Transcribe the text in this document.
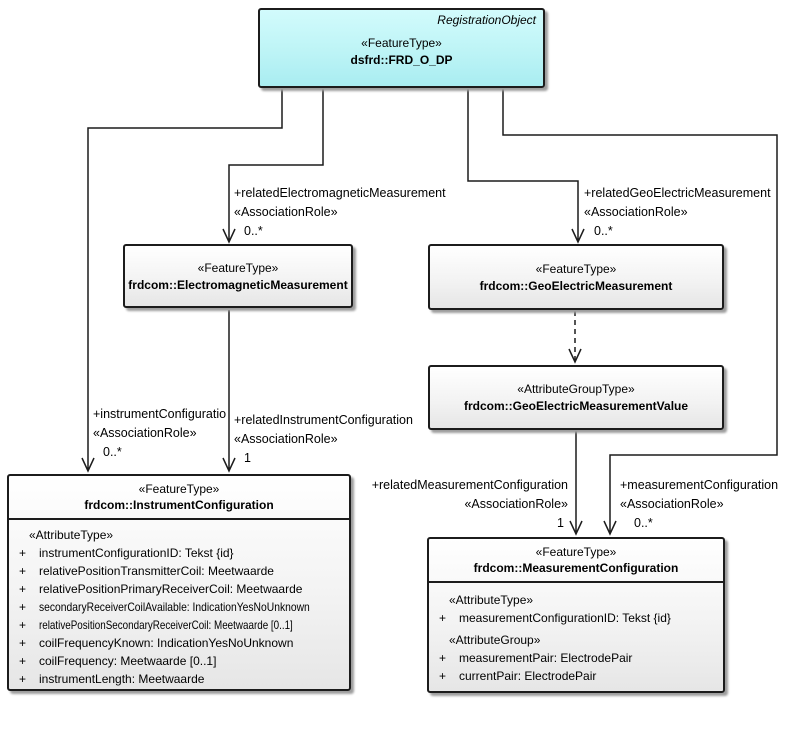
RegistrationObject
«FeatureType»
dsfrd::FRD_O_DP
«FeatureType»
frdcom::ElectromagneticMeasurement
«FeatureType»
frdcom::GeoElectricMeasurement
«AttributeGroupType»
frdcom::GeoElectricMeasurementValue
«FeatureType»
frdcom::InstrumentConfiguration
«AttributeType»
+	instrumentConfigurationID: Tekst {id}
+	relativePositionTransmitterCoil: Meetwaarde
+	relativePositionPrimaryReceiverCoil: Meetwaarde
+	secondaryReceiverCoilAvailable: IndicationYesNoUnknown
+	relativePositionSecondaryReceiverCoil: Meetwaarde [0..1]
+	coilFrequencyKnown: IndicationYesNoUnknown
+	coilFrequency: Meetwaarde [0..1]
+	instrumentLength: Meetwaarde
«FeatureType»
frdcom::MeasurementConfiguration
«AttributeType»
+	measurementConfigurationID: Tekst {id}
«AttributeGroup»
+	measurementPair: ElectrodePair
+	currentPair: ElectrodePair
+relatedElectromagneticMeasurement
«AssociationRole»
0..*
+relatedGeoElectricMeasurement
«AssociationRole»
0..*
+instrumentConfiguratio
«AssociationRole»
0..*
+relatedInstrumentConfiguration
«AssociationRole»
1
+relatedMeasurementConfiguration
«AssociationRole»
1
+measurementConfiguration
«AssociationRole»
0..*
